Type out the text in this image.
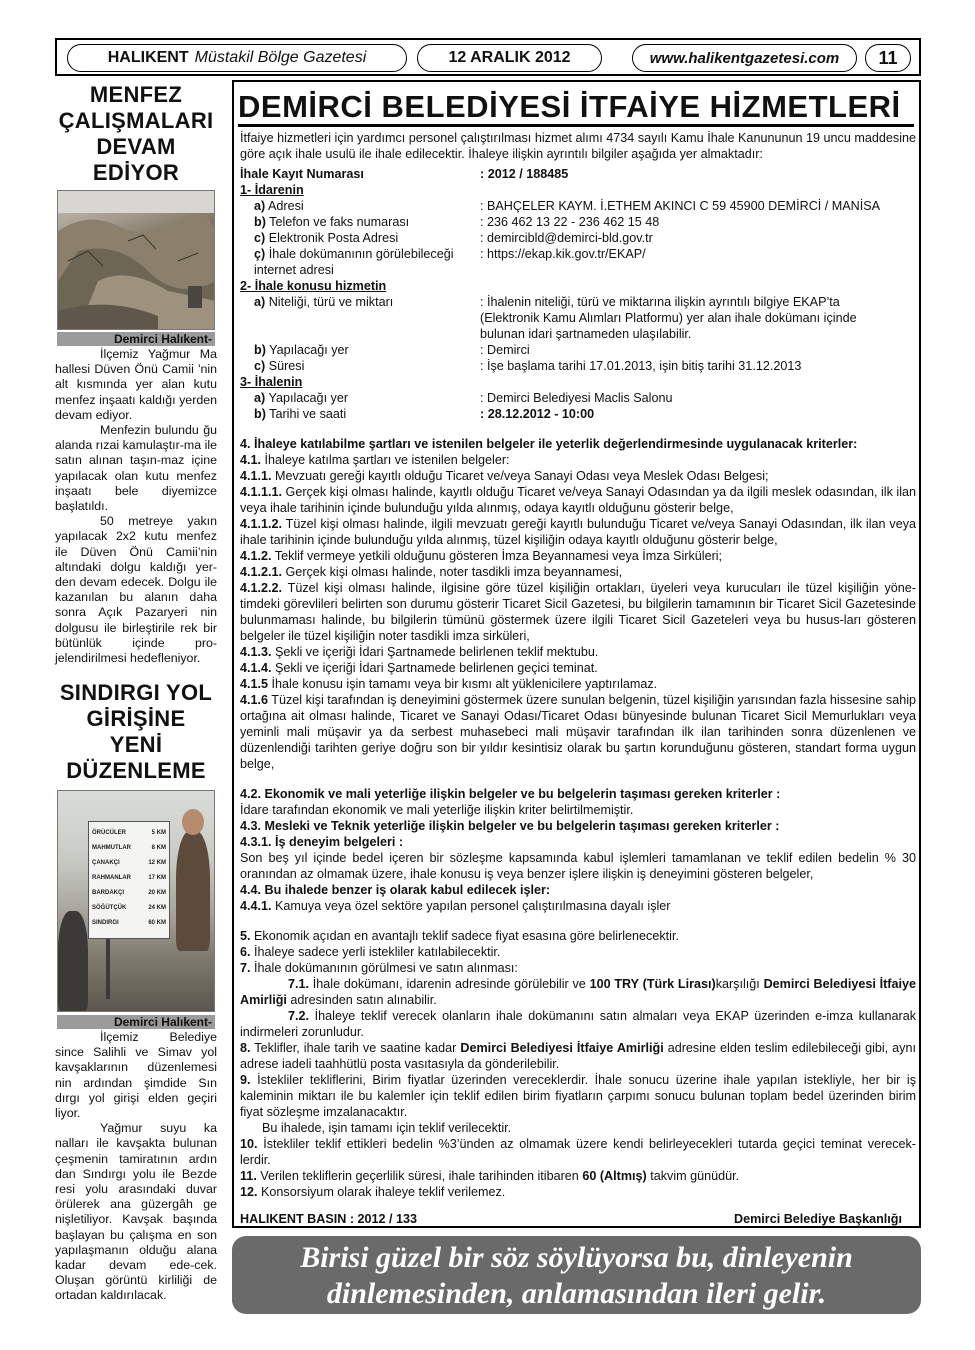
HALIKENT Müstakil Bölge Gazetesi	12 ARALIK 2012	www.halikentgazetesi.com	11
MENFEZ
ÇALIŞMALARI
DEVAM
EDİYOR
Demirci Halıkent-

İlçemiz Yağmur Ma hallesi Düven Önü Camii 'nin alt kısmında yer alan kutu menfez inşaatı kaldığı yerden devam ediyor.

Menfezin bulundu ğu alanda rızai kamulaştır-ma ile satın alınan taşın-maz içine yapılacak olan kutu menfez inşaatı bele diyemizce başlatıldı.

50 metreye yakın yapılacak 2x2 kutu menfez ile Düven Önü Camii’nin altındaki dolgu kaldığı yer-den devam edecek. Dolgu ile kazanılan bu alanın daha sonra Açık Pazaryeri nin dolgusu ile birleştirile rek bir bütünlük içinde pro-jelendirilmesi hedefleniyor.

SINDIRGI YOL
GİRİŞİNE
YENİ
DÜZENLEME
ÖRÜCÜLER	5 KM
MAHMUTLAR	8 KM
ÇANAKÇI	12 KM
RAHMANLAR	17 KM
BARDAKÇI	20 KM
SÖĞÜTÇÜK	24 KM
SINDIRGI	60 KM
Demirci Halıkent-

İlçemiz Belediye since Salihli ve Simav yol kavşaklarının düzenlemesi nin ardından şimdide Sın dırgı yol girişi elden geçiri liyor.

Yağmur suyu ka nalları ile kavşakta bulunan çeşmenin tamiratının ardın dan Sındırgı yolu ile Bezde resi yolu arasındaki duvar örülerek ana güzergâh ge nişletiliyor. Kavşak başında başlayan bu çalışma en son yapılaşmanın olduğu alana kadar devam ede-cek. Oluşan görüntü kirliliği de ortadan kaldırılacak.

DEMİRCİ BELEDİYESİ İTFAİYE HİZMETLERİ

İtfaiye hizmetleri için yardımcı personel çalıştırılması hizmet alımı 4734 sayılı Kamu İhale Kanununun 19 uncu maddesine göre açık ihale usulü ile ihale edilecektir. İhaleye ilişkin ayrıntılı bilgiler aşağıda yer almaktadır:

İhale Kayıt Numarası	: 2012 / 188485

1- İdarenin

a) Adresi	: BAHÇELER KAYM. İ.ETHEM AKINCI C 59 45900 DEMİRCİ / MANİSA
b) Telefon ve faks numarası	: 236 462 13 22 - 236 462 15 48
c) Elektronik Posta Adresi	: demircibld@demirci-bld.gov.tr
ç) İhale dokümanının görülebileceği internet adresi
: https://ekap.kik.gov.tr/EKAP/

2- İhale konusu hizmetin

a) Niteliği, türü ve miktarı	: İhalenin niteliği, türü ve miktarına ilişkin ayrıntılı bilgiye EKAP’ta (Elektronik Kamu Alımları Platformu) yer alan ihale dokümanı içinde bulunan idari şartnameden ulaşılabilir.
b) Yapılacağı yer	: Demirci
c) Süresi	: İşe başlama tarihi 17.01.2013, işin bitiş tarihi 31.12.2013

3- İhalenin

a) Yapılacağı yer	: Demirci Belediyesi Maclis Salonu
b) Tarihi ve saati	: 28.12.2012 - 10:00

4. İhaleye katılabilme şartları ve istenilen belgeler ile yeterlik değerlendirmesinde uygulanacak kriterler:

4.1. İhaleye katılma şartları ve istenilen belgeler:

4.1.1. Mevzuatı gereği kayıtlı olduğu Ticaret ve/veya Sanayi Odası veya Meslek Odası Belgesi;

4.1.1.1. Gerçek kişi olması halinde, kayıtlı olduğu Ticaret ve/veya Sanayi Odasından ya da ilgili meslek odasından, ilk ilan veya ihale tarihinin içinde bulunduğu yılda alınmış, odaya kayıtlı olduğunu gösterir belge,

4.1.1.2. Tüzel kişi olması halinde, ilgili mevzuatı gereği kayıtlı bulunduğu Ticaret ve/veya Sanayi Odasından, ilk ilan veya ihale tarihinin içinde bulunduğu yılda alınmış, tüzel kişiliğin odaya kayıtlı olduğunu gösterir belge,

4.1.2. Teklif vermeye yetkili olduğunu gösteren İmza Beyannamesi veya İmza Sirküleri;

4.1.2.1. Gerçek kişi olması halinde, noter tasdikli imza beyannamesi,

4.1.2.2. Tüzel kişi olması halinde, ilgisine göre tüzel kişiliğin ortakları, üyeleri veya kurucuları ile tüzel kişiliğin yöne-timdeki görevlileri belirten son durumu gösterir Ticaret Sicil Gazetesi, bu bilgilerin tamamının bir Ticaret Sicil Gazetesinde bulunmaması halinde, bu bilgilerin tümünü göstermek üzere ilgili Ticaret Sicil Gazeteleri veya bu husus-ları gösteren belgeler ile tüzel kişiliğin noter tasdikli imza sirküleri,

4.1.3. Şekli ve içeriği İdari Şartnamede belirlenen teklif mektubu.

4.1.4. Şekli ve içeriği İdari Şartnamede belirlenen geçici teminat.

4.1.5 İhale konusu işin tamamı veya bir kısmı alt yüklenicilere yaptırılamaz.

4.1.6 Tüzel kişi tarafından iş deneyimini göstermek üzere sunulan belgenin, tüzel kişiliğin yarısından fazla hissesine sahip ortağına ait olması halinde, Ticaret ve Sanayi Odası/Ticaret Odası bünyesinde bulunan Ticaret Sicil Memurlukları veya yeminli mali müşavir ya da serbest muhasebeci mali müşavir tarafından ilk ilan tarihinden sonra düzenlenen ve düzenlendiği tarihten geriye doğru son bir yıldır kesintisiz olarak bu şartın korunduğunu gösteren, standart forma uygun belge,

4.2. Ekonomik ve mali yeterliğe ilişkin belgeler ve bu belgelerin taşıması gereken kriterler :

İdare tarafından ekonomik ve mali yeterliğe ilişkin kriter belirtilmemiştir.

4.3. Mesleki ve Teknik yeterliğe ilişkin belgeler ve bu belgelerin taşıması gereken kriterler :

4.3.1. İş deneyim belgeleri :

Son beş yıl içinde bedel içeren bir sözleşme kapsamında kabul işlemleri tamamlanan ve teklif edilen bedelin % 30 oranından az olmamak üzere, ihale konusu iş veya benzer işlere ilişkin iş deneyimini gösteren belgeler,

4.4. Bu ihalede benzer iş olarak kabul edilecek işler:

4.4.1. Kamuya veya özel sektöre yapılan personel çalıştırılmasına dayalı işler

5. Ekonomik açıdan en avantajlı teklif sadece fiyat esasına göre belirlenecektir.

6. İhaleye sadece yerli istekliler katılabilecektir.

7. İhale dokümanının görülmesi ve satın alınması:

7.1. İhale dokümanı, idarenin adresinde görülebilir ve 100 TRY (Türk Lirası)karşılığı Demirci Belediyesi İtfaiye Amirliği adresinden satın alınabilir.

7.2. İhaleye teklif verecek olanların ihale dokümanını satın almaları veya EKAP üzerinden e-imza kullanarak indirmeleri zorunludur.

8. Teklifler, ihale tarih ve saatine kadar Demirci Belediyesi İtfaiye Amirliği adresine elden teslim edilebileceği gibi, aynı adrese iadeli taahhütlü posta vasıtasıyla da gönderilebilir.

9. İstekliler tekliflerini, Birim fiyatlar üzerinden vereceklerdir. İhale sonucu üzerine ihale yapılan istekliyle, her bir iş kaleminin miktarı ile bu kalemler için teklif edilen birim fiyatların çarpımı sonucu bulunan toplam bedel üzerinden birim fiyat sözleşme imzalanacaktır.

Bu ihalede, işin tamamı için teklif verilecektir.

10. İstekliler teklif ettikleri bedelin %3’ünden az olmamak üzere kendi belirleyecekleri tutarda geçici teminat verecek-lerdir.

11. Verilen tekliflerin geçerlilik süresi, ihale tarihinden itibaren 60 (Altmış) takvim günüdür.

12. Konsorsiyum olarak ihaleye teklif verilemez.

HALIKENT BASIN : 2012 / 133	Demirci Belediye Başkanlığı
Birisi güzel bir söz söylüyorsa bu, dinleyenin
dinlemesinden, anlamasından ileri gelir.
